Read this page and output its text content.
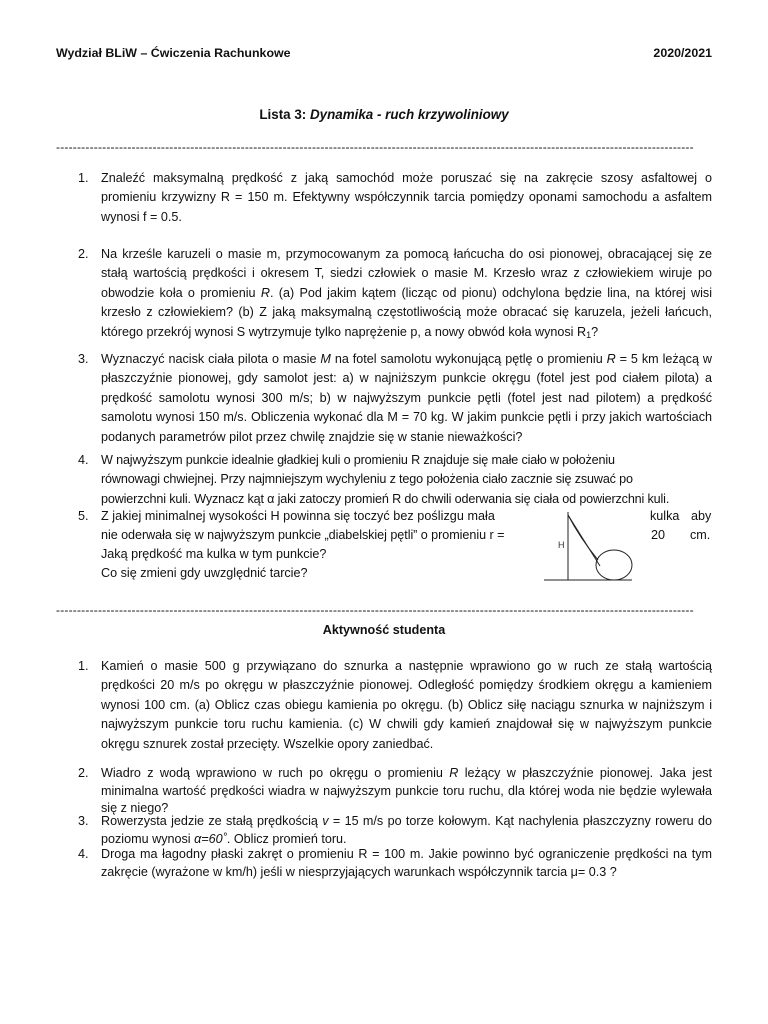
Wydział BLiW – Ćwiczenia Rachunkowe	2020/2021
Lista 3: Dynamika - ruch krzywoliniowy
--------------------------------------------------------------------------------------------------------------------------------------------------------
1. Znaleźć maksymalną prędkość z jaką samochód może poruszać się na zakręcie szosy asfaltowej o promieniu krzywizny R = 150 m. Efektywny współczynnik tarcia pomiędzy oponami samochodu a asfaltem wynosi f = 0.5.
2. Na krześle karuzeli o masie m, przymocowanym za pomocą łańcucha do osi pionowej, obracającej się ze stałą wartością prędkości i okresem T, siedzi człowiek o masie M. Krzesło wraz z człowiekiem wiruje po obwodzie koła o promieniu R. (a) Pod jakim kątem (licząc od pionu) odchylona będzie lina, na której wisi krzesło z człowiekiem? (b) Z jaką maksymalną częstotliwością może obracać się karuzela, jeżeli łańcuch, którego przekrój wynosi S wytrzymuje tylko naprężenie p, a nowy obwód koła wynosi $R_1$?
3. Wyznaczyć nacisk ciała pilota o masie M na fotel samolotu wykonującą pętlę o promieniu R = 5 km leżącą w płaszczyźnie pionowej, gdy samolot jest: a) w najniższym punkcie okręgu (fotel jest pod ciałem pilota) a prędkość samolotu wynosi 300 m/s; b) w najwyższym punkcie pętli (fotel jest nad pilotem) a prędkość samolotu wynosi 150 m/s. Obliczenia wykonać dla M = 70 kg. W jakim punkcie pętli i przy jakich wartościach podanych parametrów pilot przez chwilę znajdzie się w stanie nieważkości?
4. W najwyższym punkcie idealnie gładkiej kuli o promieniu R znajduje się małe ciało w położeniu
równowagi chwiejnej. Przy najmniejszym wychyleniu z tego położenia ciało zacznie się zsuwać po
powierzchni kuli. Wyznacz kąt α jaki zatoczy promień R do chwili oderwania się ciała od powierzchni kuli.
5. Z jakiej minimalnej wysokości H powinna się toczyć bez poślizgu mała	kulka aby
nie oderwała się w najwyższym punkcie „diabelskiej pętli” o promieniu r =	20 cm.
Jaką prędkość ma kulka w tym punkcie?
Co się zmieni gdy uwzględnić tarcie?
H
--------------------------------------------------------------------------------------------------------------------------------------------------------
Aktywność studenta
1. Kamień o masie 500 g przywiązano do sznurka a następnie wprawiono go w ruch ze stałą wartością prędkości 20 m/s po okręgu w płaszczyźnie pionowej. Odległość pomiędzy środkiem okręgu a kamieniem wynosi 100 cm. (a) Oblicz czas obiegu kamienia po okręgu. (b) Oblicz siłę naciągu sznurka w najniższym i najwyższym punkcie toru ruchu kamienia. (c) W chwili gdy kamień znajdował się w najwyższym punkcie okręgu sznurek został przecięty. Wszelkie opory zaniedbać.
2. Wiadro z wodą wprawiono w ruch po okręgu o promieniu R leżący w płaszczyźnie pionowej. Jaka jest minimalna wartość prędkości wiadra w najwyższym punkcie toru ruchu, dla której woda nie będzie wylewała się z niego?
3. Rowerzysta jedzie ze stałą prędkością v = 15 m/s po torze kołowym. Kąt nachylenia płaszczyzny roweru do poziomu wynosi α=60˚. Oblicz promień toru.
4. Droga ma łagodny płaski zakręt o promieniu R = 100 m. Jakie powinno być ograniczenie prędkości na tym zakręcie (wyrażone w km/h) jeśli w niesprzyjających warunkach współczynnik tarcia μ= 0.3 ?
